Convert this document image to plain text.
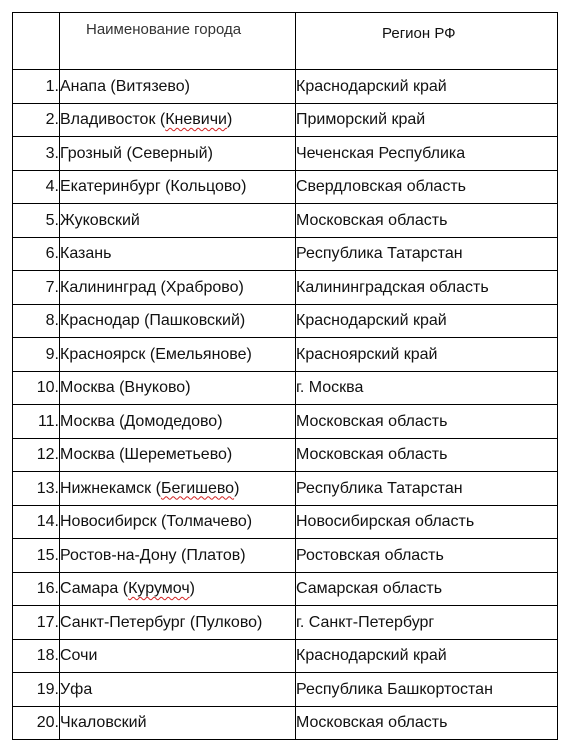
	Наименование города	Регион РФ
1.	Анапа (Витязево)	Краснодарский край
2.	Владивосток (Кневичи)	Приморский край
3.	Грозный (Северный)	Чеченская Республика
4.	Екатеринбург (Кольцово)	Свердловская область
5.	Жуковский	Московская область
6.	Казань	Республика Татарстан
7.	Калининград (Храброво)	Калининградская область
8.	Краснодар (Пашковский)	Краснодарский край
9.	Красноярск (Емельянове)	Красноярский край
10.	Москва (Внуково)	г. Москва
11.	Москва (Домодедово)	Московская область
12.	Москва (Шереметьево)	Московская область
13.	Нижнекамск (Бегишево)	Республика Татарстан
14.	Новосибирск (Толмачево)	Новосибирская область
15.	Ростов-на-Дону (Платов)	Ростовская область
16.	Самара (Курумоч)	Самарская область
17.	Санкт-Петербург (Пулково)	г. Санкт-Петербург
18.	Сочи	Краснодарский край
19.	Уфа	Республика Башкортостан
20.	Чкаловский	Московская область
